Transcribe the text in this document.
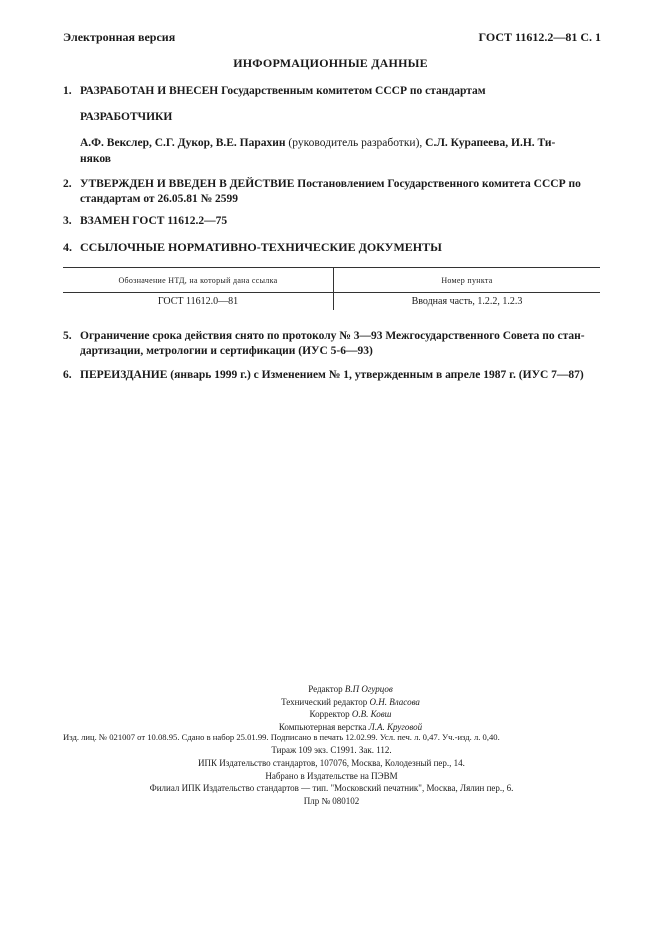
Электронная версия	ГОСТ 11612.2—81 С. 1
ИНФОРМАЦИОННЫЕ ДАННЫЕ
1. РАЗРАБОТАН И ВНЕСЕН Государственным комитетом СССР по стандартам
РАЗРАБОТЧИКИ
А.Ф. Векслер, С.Г. Дукор, В.Е. Парахин (руководитель разработки), С.Л. Курапеева, И.Н. Ти-
няков
2. УТВЕРЖДЕН И ВВЕДЕН В ДЕЙСТВИЕ Постановлением Государственного комитета СССР по
стандартам от 26.05.81 № 2599
3. ВЗАМЕН ГОСТ 11612.2—75
4. ССЫЛОЧНЫЕ НОРМАТИВНО-ТЕХНИЧЕСКИЕ ДОКУМЕНТЫ
Обозначение НТД, на который дана ссылка	Номер пункта
ГОСТ 11612.0—81	Вводная часть, 1.2.2, 1.2.3
5. Ограничение срока действия снято по протоколу № 3—93 Межгосударственного Совета по стан-
дартизации, метрологии и сертификации (ИУС 5-6—93)
6. ПЕРЕИЗДАНИЕ (январь 1999 г.) с Изменением № 1, утвержденным в апреле 1987 г. (ИУС 7—87)
Редактор В.П Огурцов
Технический редактор О.Н. Власова
Корректор О.В. Ковш
Компьютерная верстка Л.А. Круговой
Изд. лиц. № 021007 от 10.08.95. Сдано в набор 25.01.99. Подписано в печать 12.02.99. Усл. печ. л. 0,47. Уч.-изд. л. 0,40.
Тираж 109 экз. С1991. Зак. 112.
ИПК Издательство стандартов, 107076, Москва, Колодезный пер., 14.
Набрано в Издательстве на ПЭВМ
Филиал ИПК Издательство стандартов — тип. "Московский печатник", Москва, Лялин пер., 6.
Плр № 080102
